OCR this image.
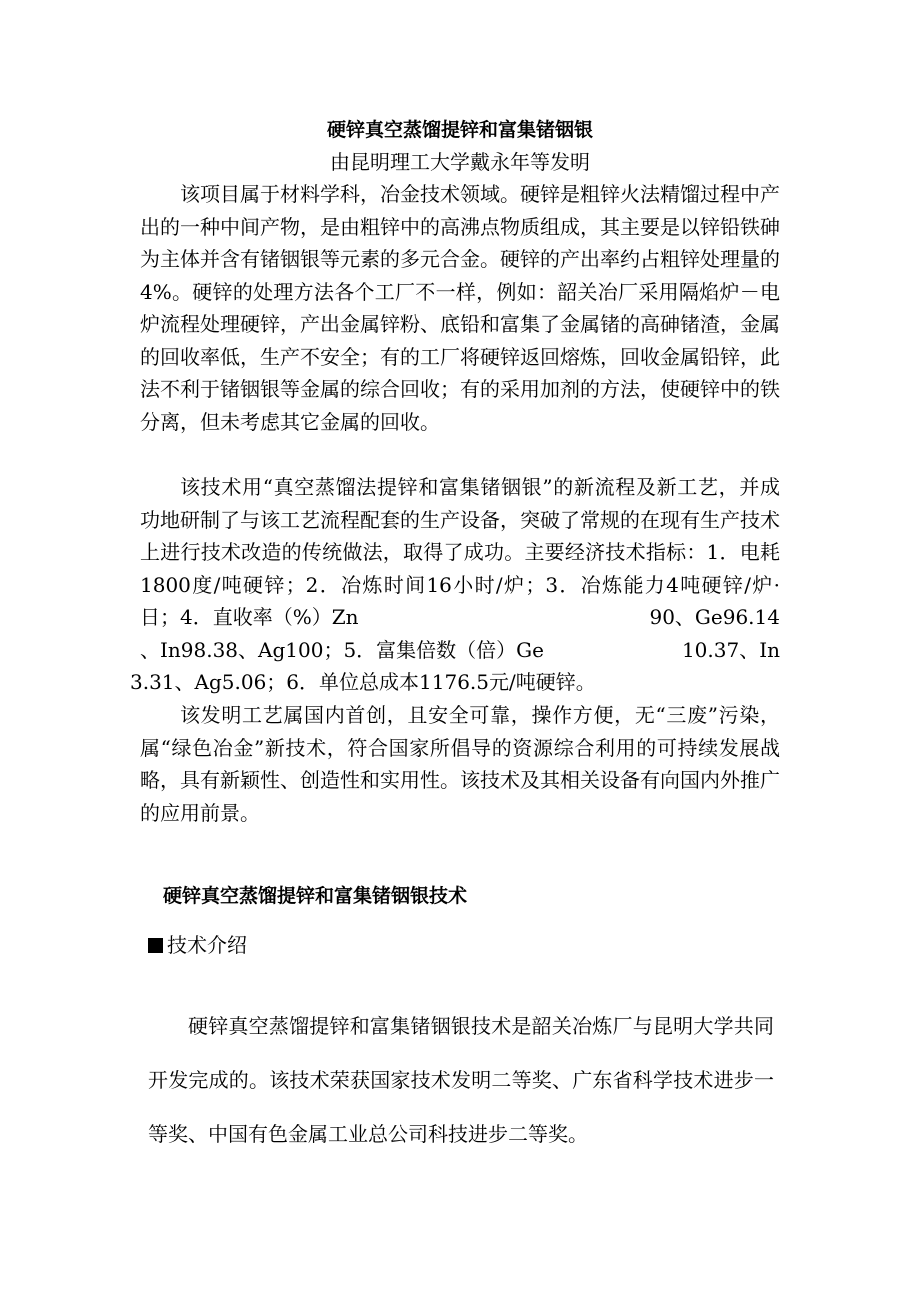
硬锌真空蒸馏提锌和富集锗铟银

由昆明理工大学戴永年等发明

该项目属于材料学科，冶金技术领域。硬锌是粗锌火法精馏过程中产出的一种中间产物，是由粗锌中的高沸点物质组成，其主要是以锌铅铁砷为主体并含有锗铟银等元素的多元合金。硬锌的产出率约占粗锌处理量的4%。硬锌的处理方法各个工厂不一样，例如：韶关冶厂采用隔焰炉－电炉流程处理硬锌，产出金属锌粉、底铅和富集了金属锗的高砷锗渣，金属的回收率低，生产不安全；有的工厂将硬锌返回熔炼，回收金属铅锌，此法不利于锗铟银等金属的综合回收；有的采用加剂的方法，使硬锌中的铁分离，但未考虑其它金属的回收。

该技术用“真空蒸馏法提锌和富集锗铟银”的新流程及新工艺，并成功地研制了与该工艺流程配套的生产设备，突破了常规的在现有生产技术上进行技术改造的传统做法，取得了成功。主要经济技术指标：1．电耗1800度/吨硬锌；2．冶炼时间16小时/炉；3．冶炼能力4吨硬锌/炉·日；4．直收率（%）Zn	90、Ge96.14
、In98.38、Ag100；5．富集倍数（倍）Ge	10.37、In
3.31、Ag5.06；6．单位总成本1176.5元/吨硬锌。

该发明工艺属国内首创，且安全可靠，操作方便，无“三废”污染，属“绿色冶金”新技术，符合国家所倡导的资源综合利用的可持续发展战略，具有新颖性、创造性和实用性。该技术及其相关设备有向国内外推广的应用前景。

硬锌真空蒸馏提锌和富集锗铟银技术
技术介绍

硬锌真空蒸馏提锌和富集锗铟银技术是韶关冶炼厂与昆明大学共同开发完成的。该技术荣获国家技术发明二等奖、广东省科学技术进步一等奖、中国有色金属工业总公司科技进步二等奖。
